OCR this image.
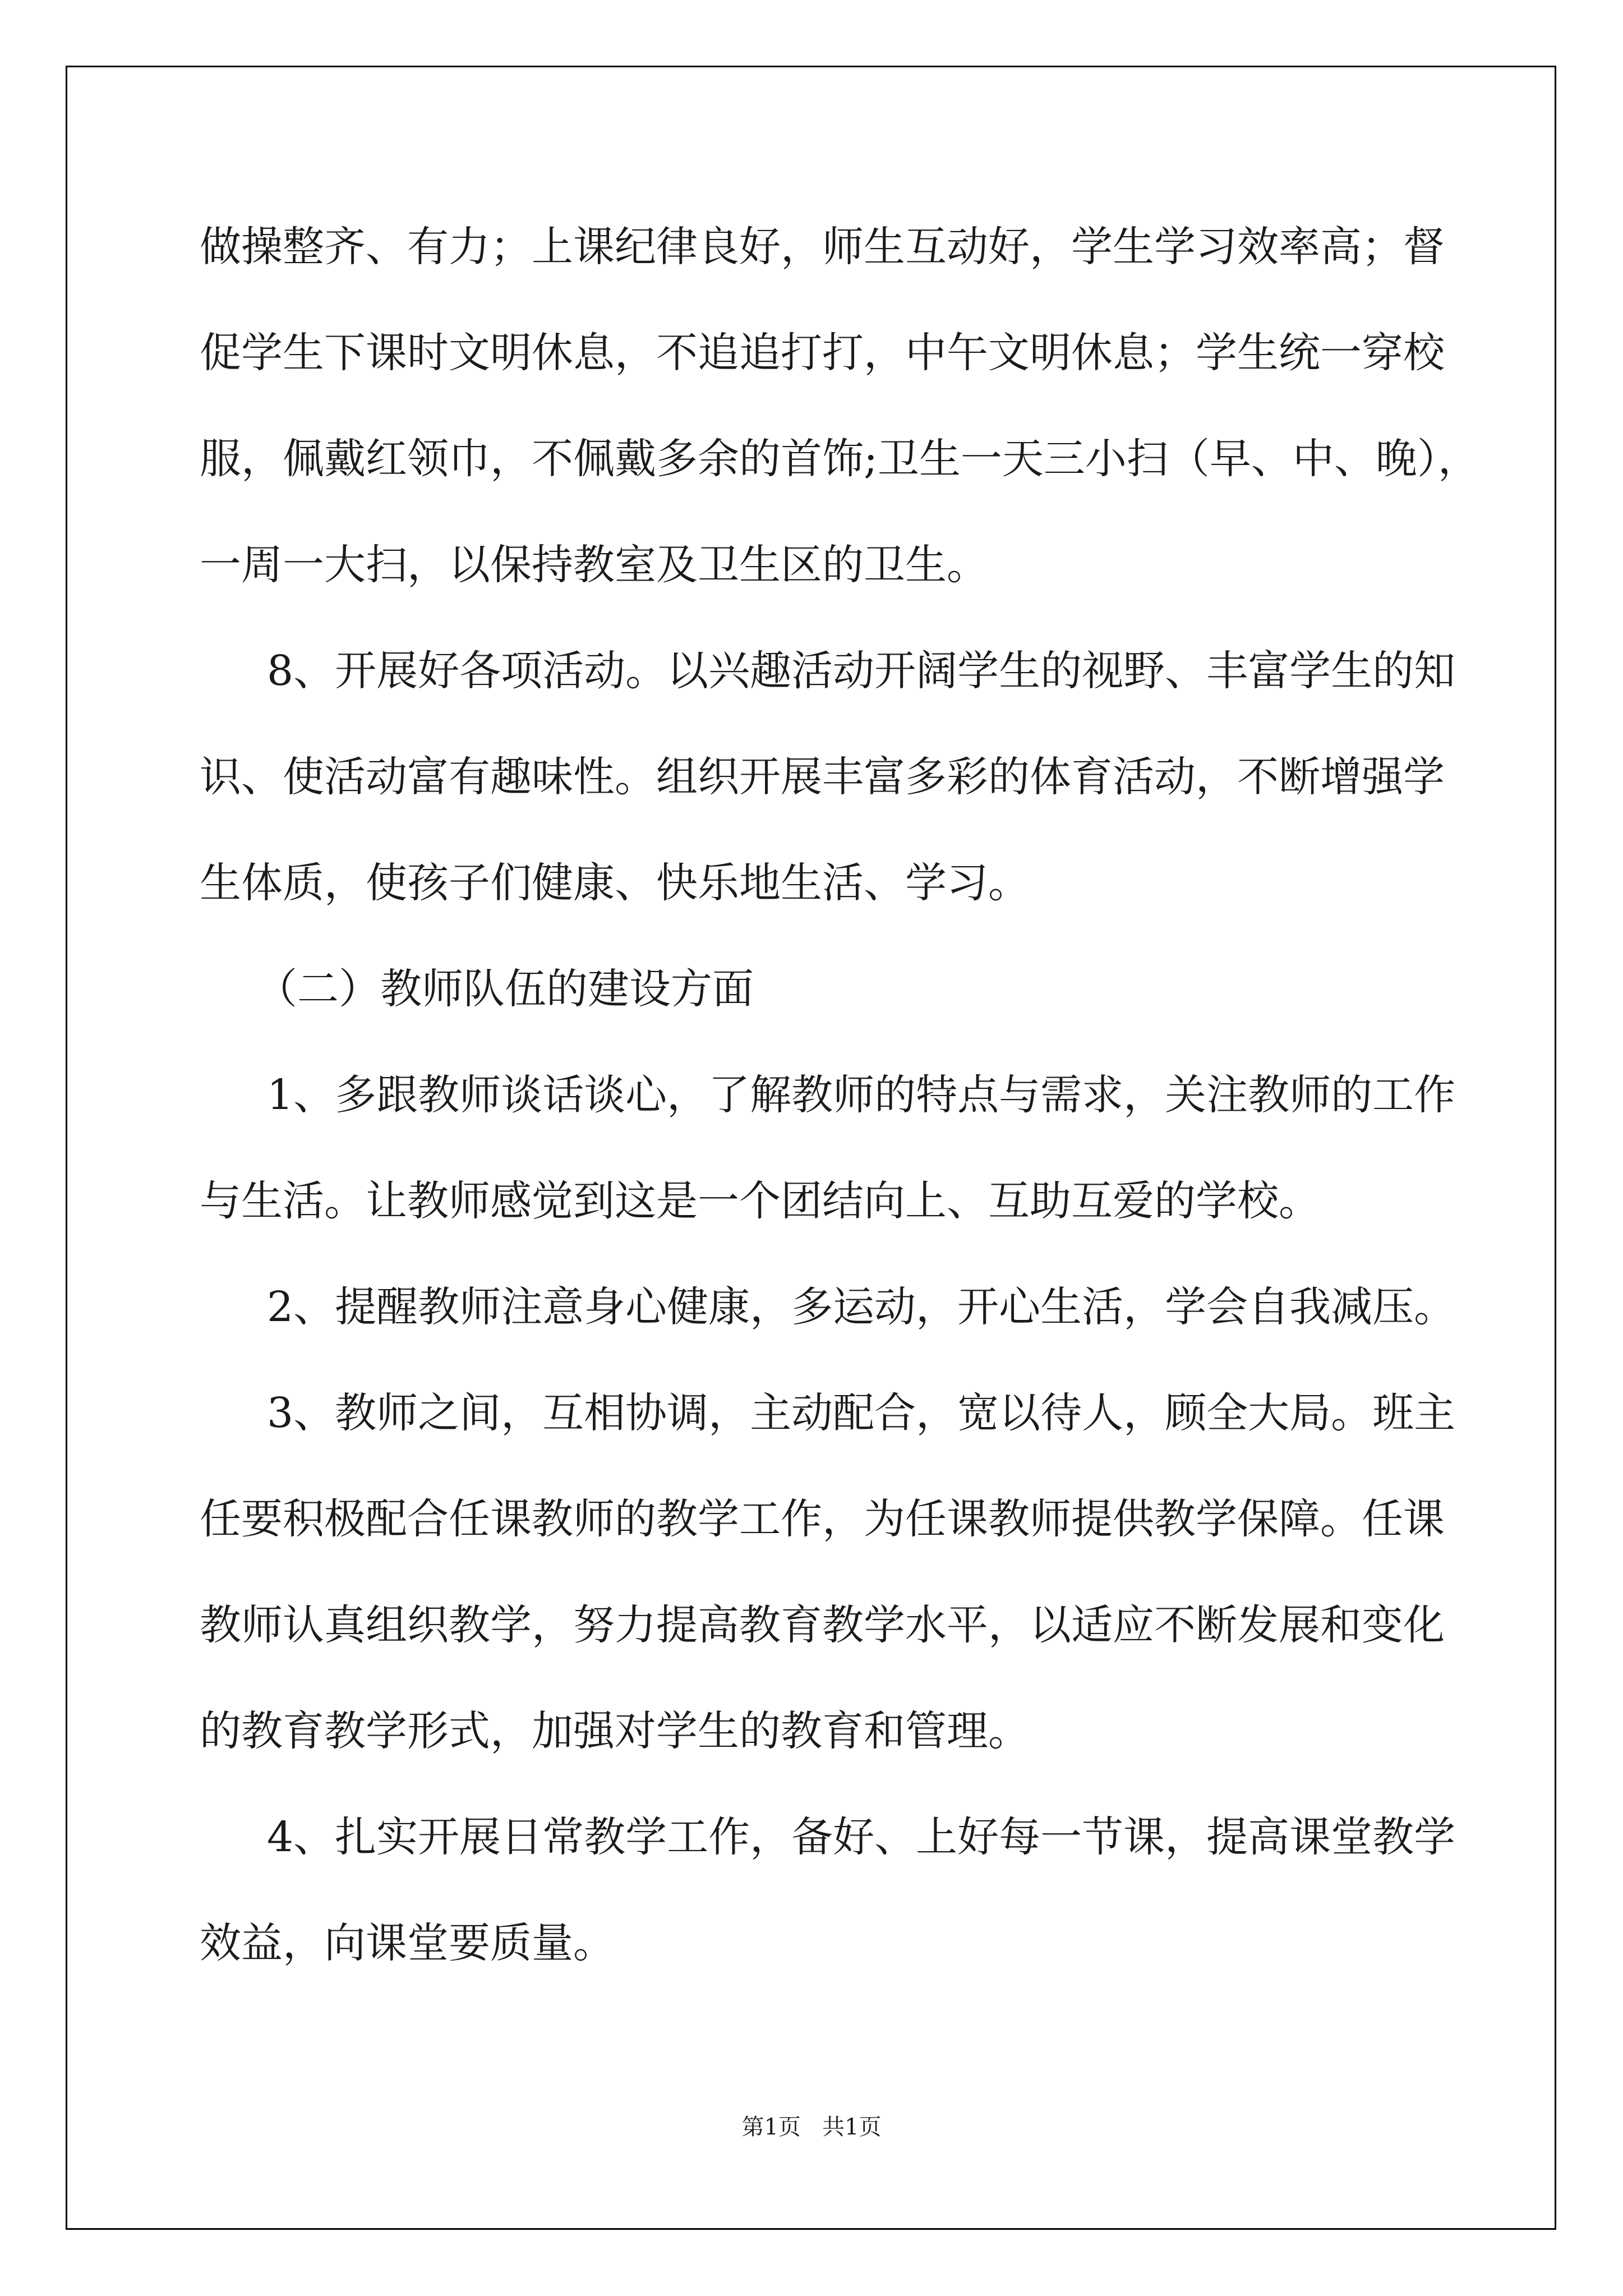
做操整齐、有力；上课纪律良好，师生互动好，学生学习效率高；督
促学生下课时文明休息，不追追打打，中午文明休息；学生统一穿校
服，佩戴红领巾，不佩戴多余的首饰;卫生一天三小扫（早、中、晚），
一周一大扫，以保持教室及卫生区的卫生。
8、开展好各项活动。以兴趣活动开阔学生的视野、丰富学生的知
识、使活动富有趣味性。组织开展丰富多彩的体育活动，不断增强学
生体质，使孩子们健康、快乐地生活、学习。
（二）教师队伍的建设方面
1、多跟教师谈话谈心，了解教师的特点与需求，关注教师的工作
与生活。让教师感觉到这是一个团结向上、互助互爱的学校。
2、提醒教师注意身心健康，多运动，开心生活，学会自我减压。
3、教师之间，互相协调，主动配合，宽以待人，顾全大局。班主
任要积极配合任课教师的教学工作，为任课教师提供教学保障。任课
教师认真组织教学，努力提高教育教学水平，以适应不断发展和变化
的教育教学形式，加强对学生的教育和管理。
4、扎实开展日常教学工作，备好、上好每一节课，提高课堂教学
效益，向课堂要质量。
第1页   共1页
